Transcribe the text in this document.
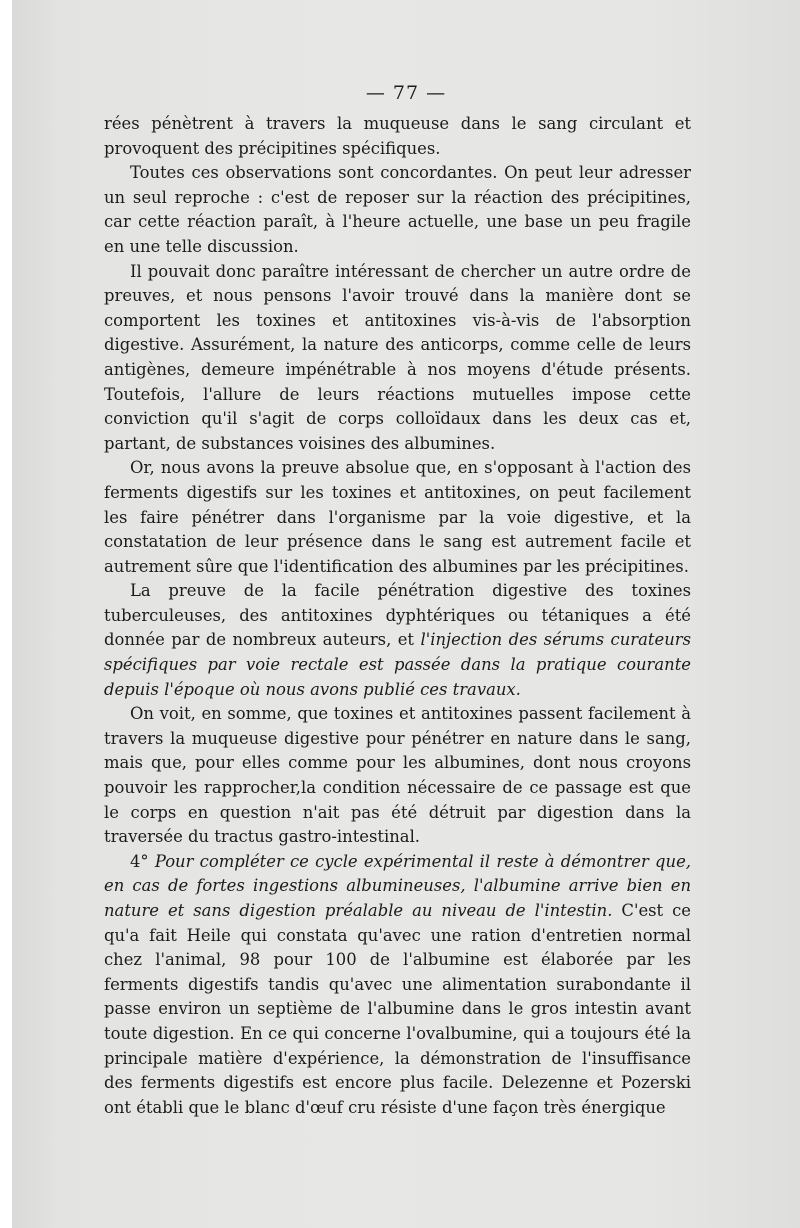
— 77 —

rées pénètrent à travers la muqueuse dans le sang circulant et provoquent des précipitines spécifiques.

Toutes ces observations sont concordantes. On peut leur adresser un seul reproche : c'est de reposer sur la réaction des précipitines, car cette réaction paraît, à l'heure actuelle, une base un peu fragile en une telle discussion.

Il pouvait donc paraître intéressant de chercher un autre ordre de preuves, et nous pensons l'avoir trouvé dans la manière dont se comportent les toxines et antitoxines vis-à-vis de l'absorption digestive. Assurément, la nature des anticorps, comme celle de leurs antigènes, demeure impénétrable à nos moyens d'étude présents. Toutefois, l'allure de leurs réactions mutuelles impose cette conviction qu'il s'agit de corps colloïdaux dans les deux cas et, partant, de substances voisines des albumines.

Or, nous avons la preuve absolue que, en s'opposant à l'action des ferments digestifs sur les toxines et antitoxines, on peut facilement les faire pénétrer dans l'organisme par la voie digestive, et la constatation de leur présence dans le sang est autrement facile et autrement sûre que l'identification des albumines par les précipitines.

La preuve de la facile pénétration digestive des toxines tuberculeuses, des antitoxines dyphtériques ou tétaniques a été donnée par de nombreux auteurs, et l'injection des sérums curateurs spécifiques par voie rectale est passée dans la pratique courante depuis l'époque où nous avons publié ces travaux.

On voit, en somme, que toxines et antitoxines passent facilement à travers la muqueuse digestive pour pénétrer en nature dans le sang, mais que, pour elles comme pour les albumines, dont nous croyons pouvoir les rapprocher,la condition nécessaire de ce passage est que le corps en question n'ait pas été détruit par digestion dans la traversée du tractus gastro-intestinal.

4° Pour compléter ce cycle expérimental il reste à démontrer que, en cas de fortes ingestions albumineuses, l'albumine arrive bien en nature et sans digestion préalable au niveau de l'intestin. C'est ce qu'a fait Heile qui constata qu'avec une ration d'entretien normal chez l'animal, 98 pour 100 de l'albumine est élaborée par les ferments digestifs tandis qu'avec une alimentation surabondante il passe environ un septième de l'albumine dans le gros intestin avant toute digestion. En ce qui concerne l'ovalbumine, qui a toujours été la principale matière d'expérience, la démonstration de l'insuffisance des ferments digestifs est encore plus facile. Delezenne et Pozerski ont établi que le blanc d'œuf cru résiste d'une façon très énergique
